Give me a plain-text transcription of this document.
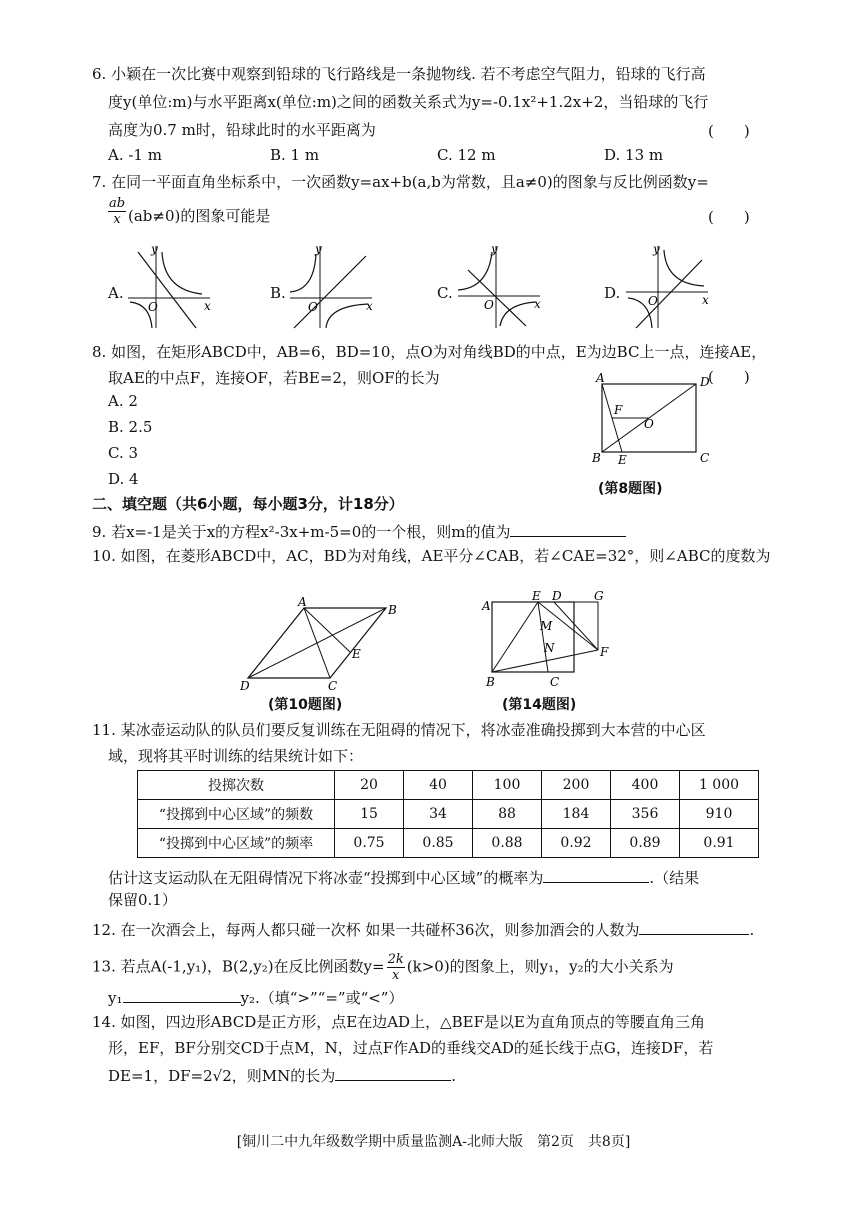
6. 小颖在一次比赛中观察到铅球的飞行路线是一条抛物线. 若不考虑空气阻力，铅球的飞行高
度y(单位:m)与水平距离x(单位:m)之间的函数关系式为y=-0.1x²+1.2x+2，当铅球的飞行
高度为0.7 m时，铅球此时的水平距离为	(　　)
A. -1 m	B. 1 m	C. 12 m	D. 13 m
7. 在同一平面直角坐标系中，一次函数y=ax+b(a,b为常数，且a≠0)的图象与反比例函数y=
$\frac{ab}{x} (ab\ne 0)$的图象可能是	(　　)
A.	B.	C.	D.
y
x
O
y
x
O
y
x
O
y
x
O
8. 如图，在矩形ABCD中，AB=6，BD=10，点O为对角线BD的中点，E为边BC上一点，连接AE，
取AE的中点F，连接OF，若BE=2，则OF的长为	(　　)
A. 2
B. 2.5
C. 3
D. 4
A	D
B	C
E
F
O
(第8题图)
二、填空题（共6小题，每小题3分，计18分）
9. 若x=-1是关于x的方程x²-3x+m-5=0的一个根，则m的值为
10. 如图，在菱形ABCD中，AC，BD为对角线，AE平分∠CAB，若∠CAE=32°，则∠ABC的度数为
A
B
C
D
E
(第10题图)
A
E D	G
M
N	F
B	C
(第14题图)
11. 某冰壶运动队的队员们要反复训练在无阻碍的情况下，将冰壶准确投掷到大本营的中心区
域，现将其平时训练的结果统计如下：
投掷次数	20	40	100	200	400	1 000
“投掷到中心区域”的频数	15	34	88	184	356	910
“投掷到中心区域”的频率	0.75	0.85	0.88	0.92	0.89	0.91
估计这支运动队在无阻碍情况下将冰壶“投掷到中心区域”的概率为	.（结果
保留0.1）
12. 在一次酒会上，每两人都只碰一次杯 如果一共碰杯36次，则参加酒会的人数为	.
13. 若点A(-1,y₁)，B(2,y₂)在反比例函数$y= \frac{2k}{x} (k>0)$的图象上，则y₁，y₂的大小关系为
y₁	y₂.（填“>”“=”或“<”）
14. 如图，四边形ABCD是正方形，点E在边AD上，△BEF是以E为直角顶点的等腰直角三角
形，EF，BF分别交CD于点M，N，过点F作AD的垂线交AD的延长线于点G，连接DF，若
DE=1，DF=2√2，则MN的长为	.
[铜川二中九年级数学期中质量监测A-北师大版　第2页　共8页]
